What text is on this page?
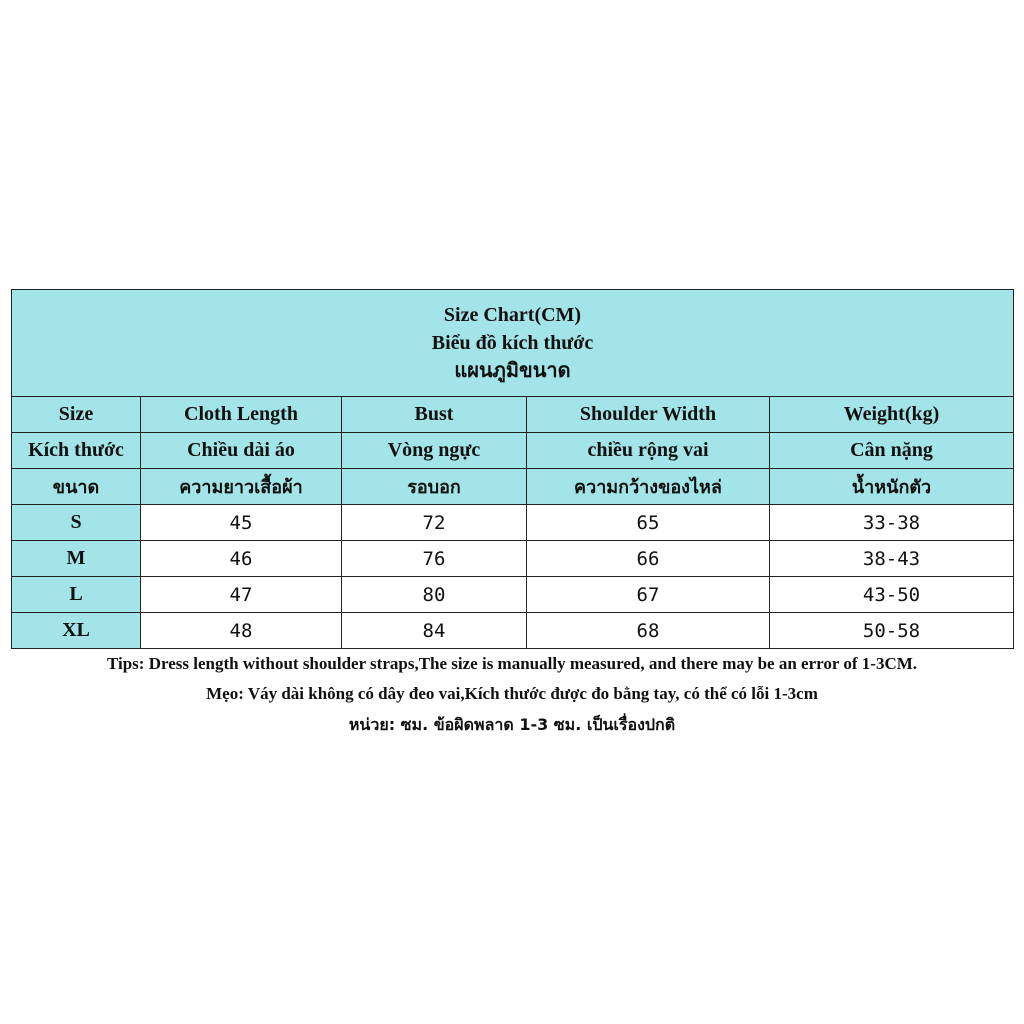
Size Chart(CM)
Biểu đồ kích thước
แผนภูมิขนาด				

Size	Cloth Length	Bust	Shoulder Width	Weight(kg)
Kích thước	Chiều dài áo	Vòng ngực	chiều rộng vai	Cân nặng
ขนาด	ความยาวเสื้อผ้า	รอบอก	ความกว้างของไหล่	น้ำหนักตัว
S	45	72	65	33-38
M	46	76	66	38-43
L	47	80	67	43-50
XL	48	84	68	50-58
Tips: Dress length without shoulder straps,The size is manually measured, and there may be an error of 1-3CM.
Mẹo: Váy dài không có dây đeo vai,Kích thước được đo bằng tay, có thể có lỗi 1-3cm
หน่วย: ซม. ข้อผิดพลาด 1-3 ซม. เป็นเรื่องปกติ
